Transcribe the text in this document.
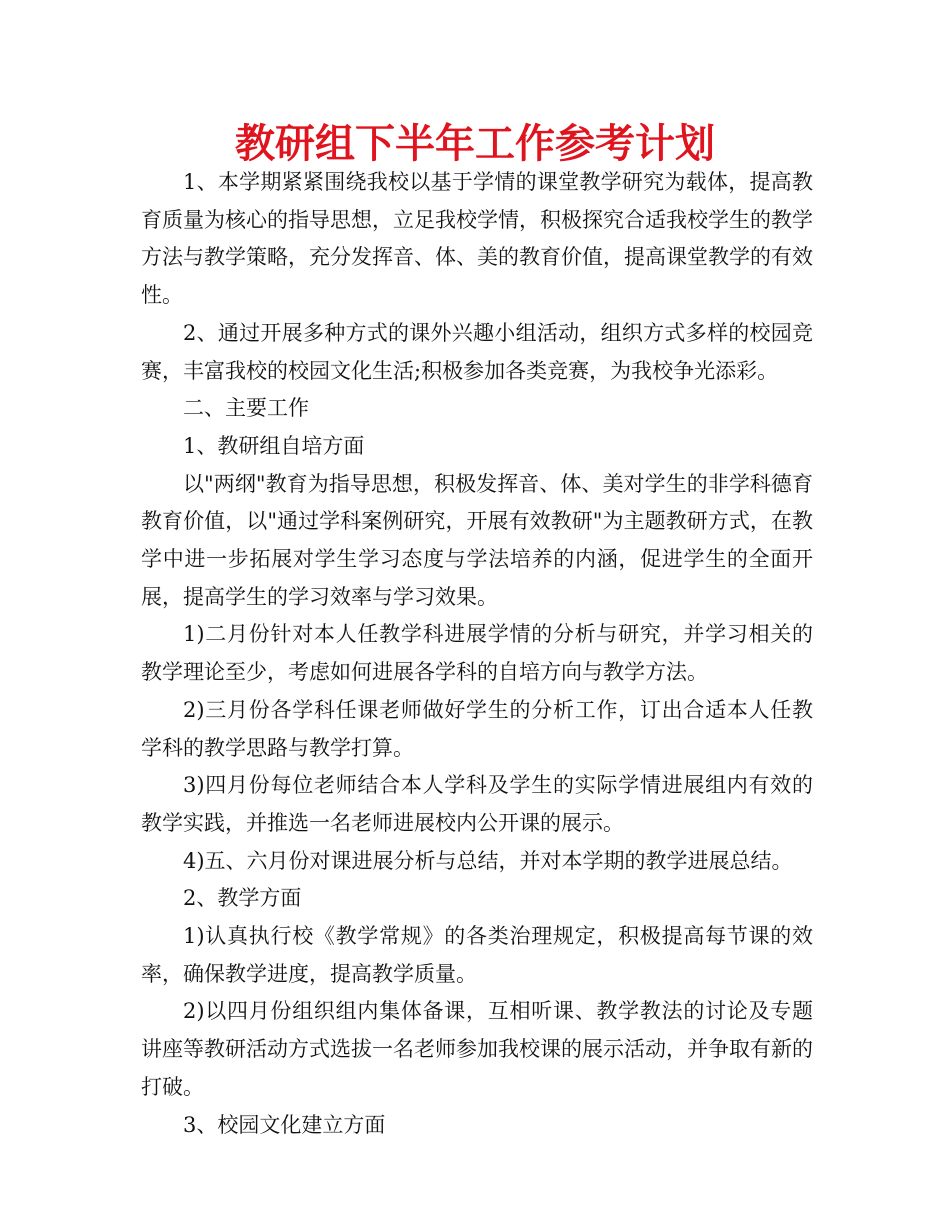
教研组下半年工作参考计划

1、本学期紧紧围绕我校以基于学情的课堂教学研究为载体，提高教育质量为核心的指导思想，立足我校学情，积极探究合适我校学生的教学方法与教学策略，充分发挥音、体、美的教育价值，提高课堂教学的有效性。

2、通过开展多种方式的课外兴趣小组活动，组织方式多样的校园竞赛，丰富我校的校园文化生活;积极参加各类竞赛，为我校争光添彩。

二、主要工作

1、教研组自培方面

以"两纲"教育为指导思想，积极发挥音、体、美对学生的非学科德育教育价值，以"通过学科案例研究，开展有效教研"为主题教研方式，在教学中进一步拓展对学生学习态度与学法培养的内涵，促进学生的全面开展，提高学生的学习效率与学习效果。

1)二月份针对本人任教学科进展学情的分析与研究，并学习相关的教学理论至少，考虑如何进展各学科的自培方向与教学方法。

2)三月份各学科任课老师做好学生的分析工作，订出合适本人任教学科的教学思路与教学打算。

3)四月份每位老师结合本人学科及学生的实际学情进展组内有效的教学实践，并推选一名老师进展校内公开课的展示。

4)五、六月份对课进展分析与总结，并对本学期的教学进展总结。

2、教学方面

1)认真执行校《教学常规》的各类治理规定，积极提高每节课的效率，确保教学进度，提高教学质量。

2)以四月份组织组内集体备课，互相听课、教学教法的讨论及专题讲座等教研活动方式选拔一名老师参加我校课的展示活动，并争取有新的打破。

3、校园文化建立方面
